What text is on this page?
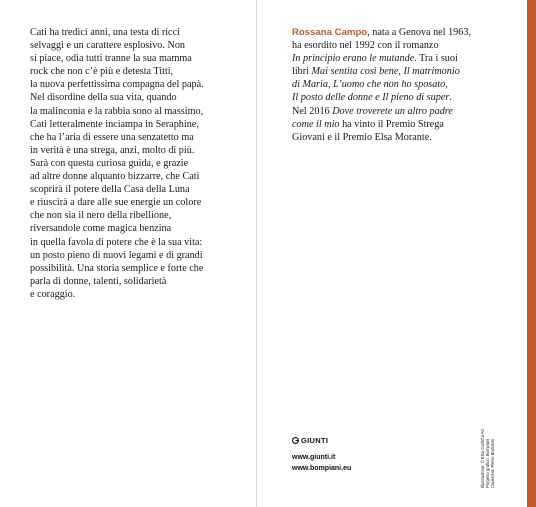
Cati ha tredici anni, una testa di ricci
selvaggi e un carattere esplosivo. Non
si piace, odia tutti tranne la sua mamma
rock che non c’è più e detesta Titti,
la nuova perfettissima compagna del papà.
Nel disordine della sua vita, quando
la malinconia e la rabbia sono al massimo,
Cati letteralmente inciampa in Seraphine,
che ha l’aria di essere una senzatetto ma
in verità è una strega, anzi, molto di più.
Sarà con questa curiosa guida, e grazie
ad altre donne alquanto bizzarre, che Cati
scoprirà il potere della Casa della Luna
e riuscirà a dare alle sue energie un colore
che non sia il nero della ribellione,
riversandole come magica benzina
in quella favola di potere che è la sua vita:
un posto pieno di nuovi legami e di grandi
possibilità. Una storia semplice e forte che
parla di donne, talenti, solidarietà
e coraggio.
Rossana Campo, nata a Genova nel 1963,
ha esordito nel 1992 con il romanzo
In principio erano le mutande. Tra i suoi
libri Mai sentita così bene, Il matrimonio
di Maria, L’uomo che non ho sposato,
Il posto delle donne e Il pieno di super.
Nel 2016 Dove troverete un altro padre
come il mio ha vinto il Premio Strega
Giovani e il Premio Elsa Morante.
GIUNTI
www.giunti.it
www.bompiani.eu	Illustrazione: © Elsa Carlotta Art Progetto grafico: Bompiani Copertina: Pietro Bartoloni
